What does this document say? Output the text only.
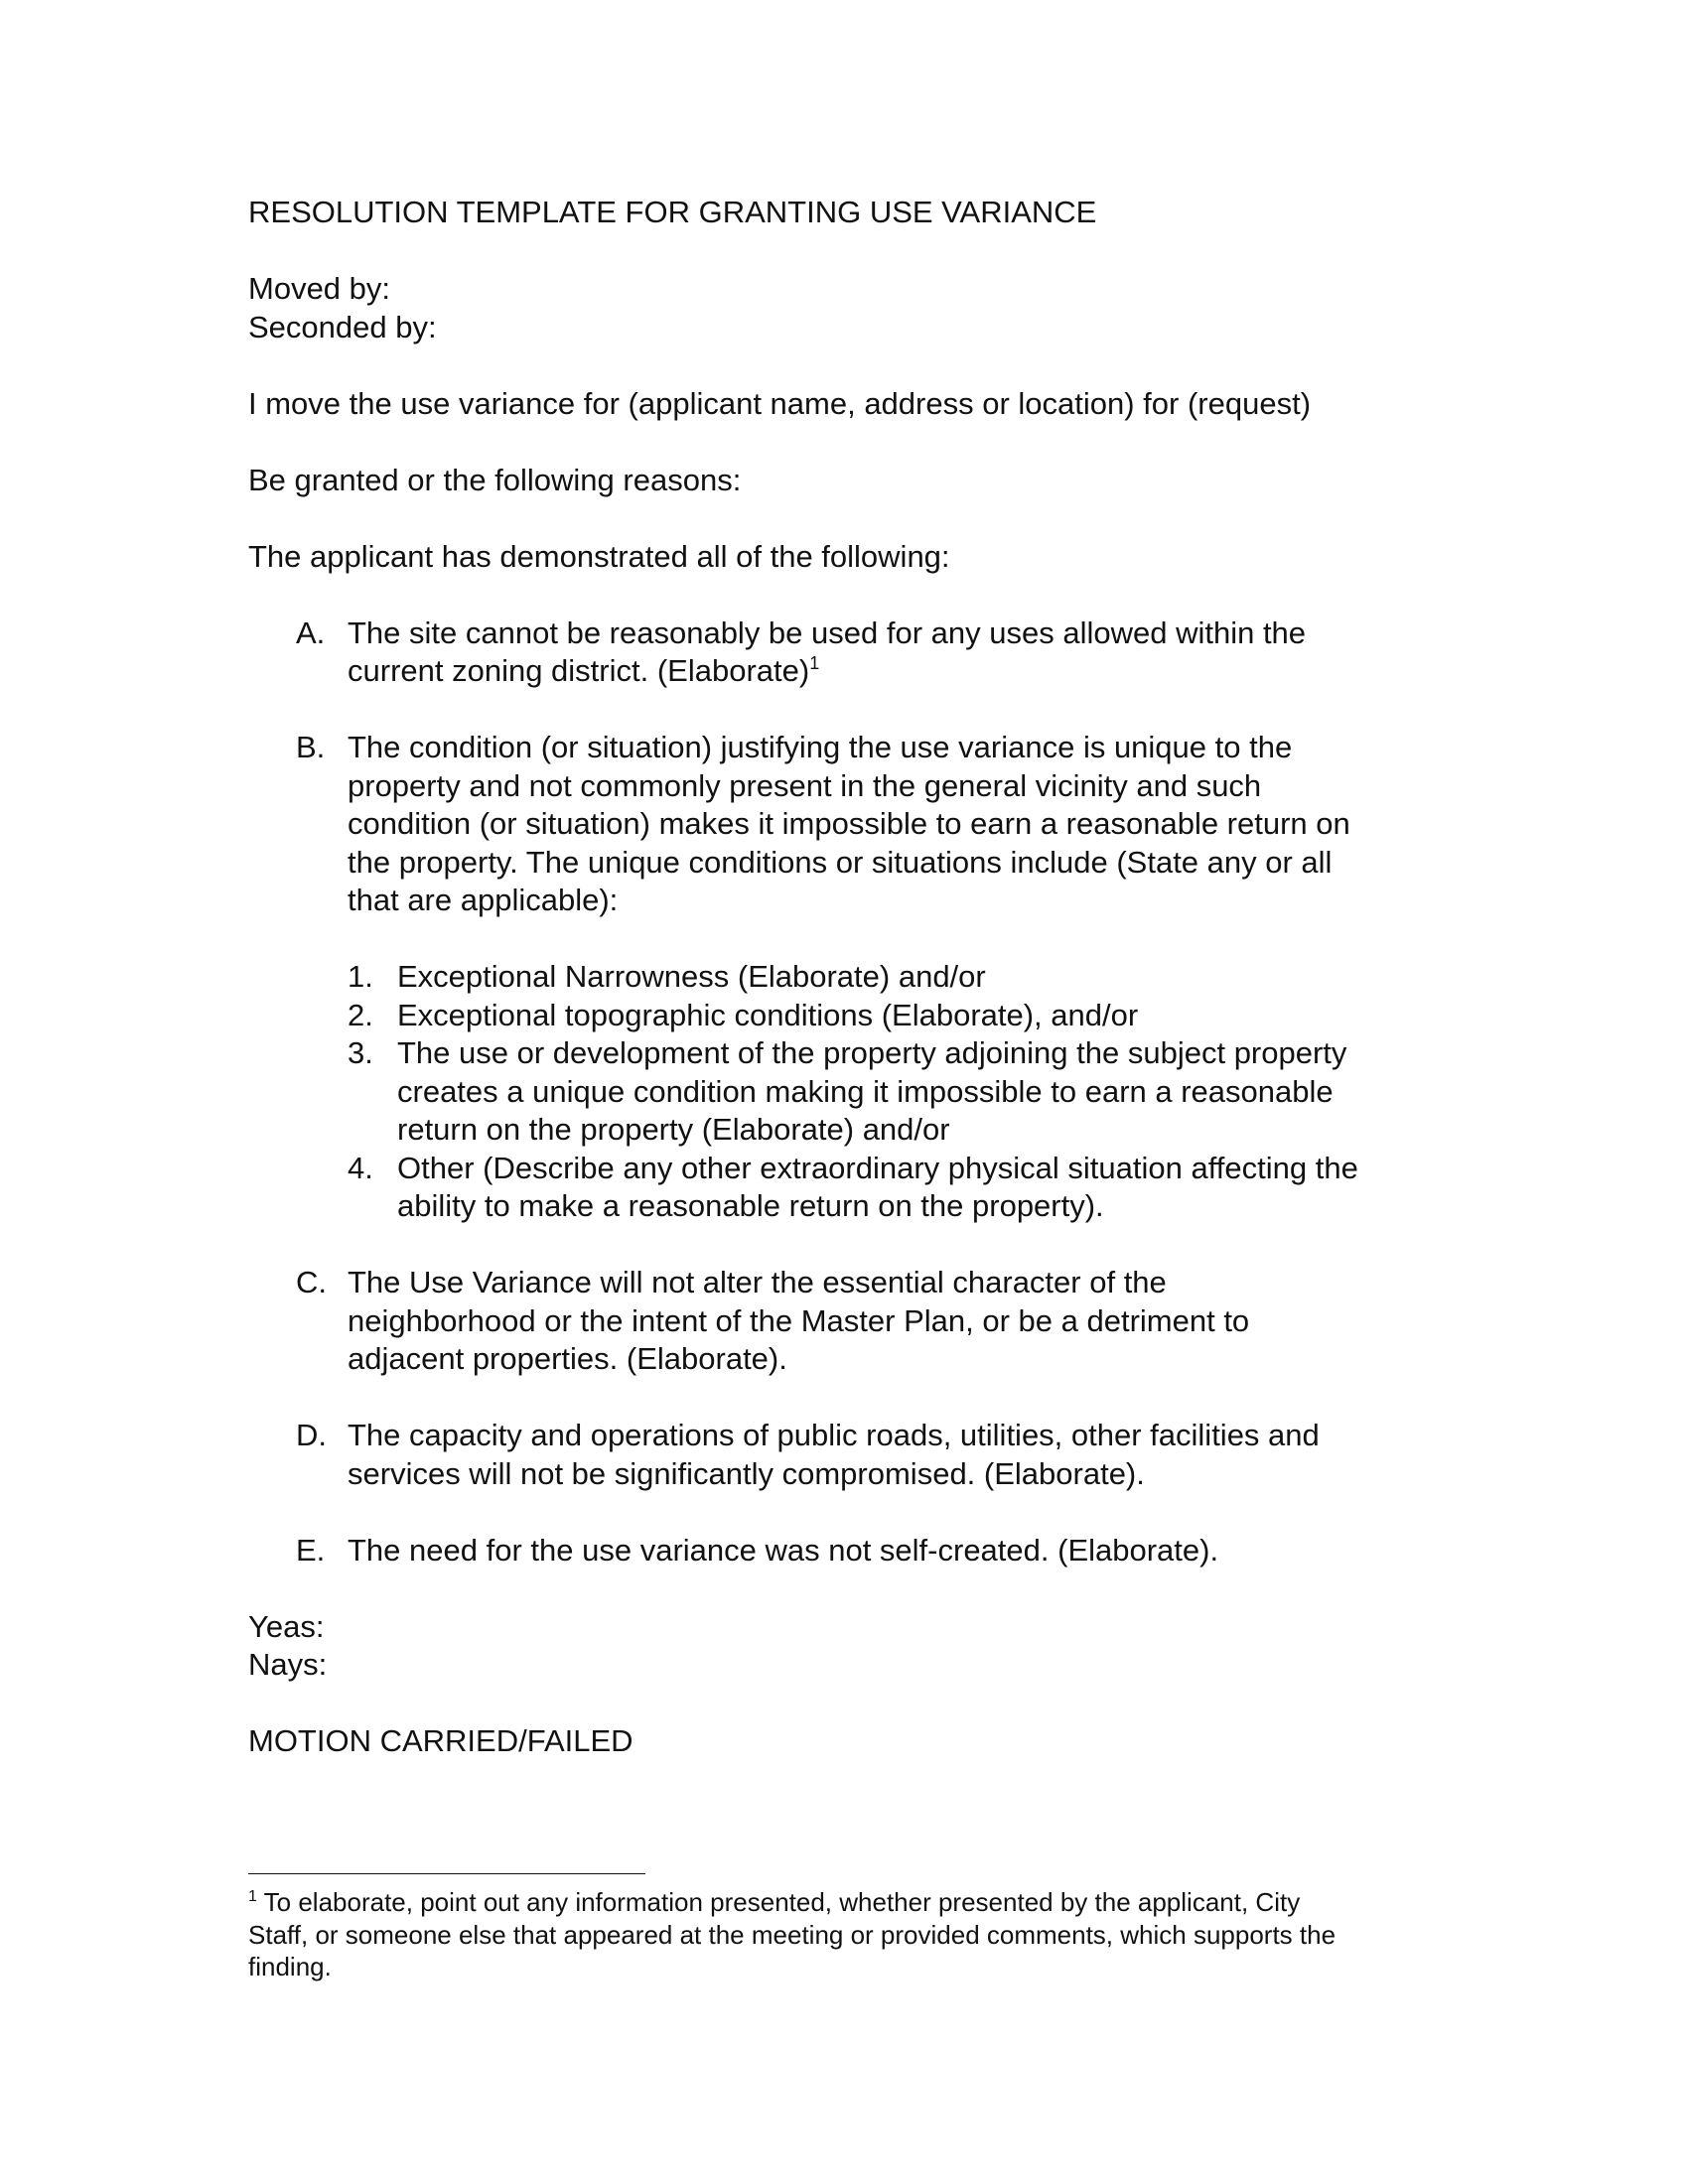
RESOLUTION TEMPLATE FOR GRANTING USE VARIANCE
Moved by:
Seconded by:
I move the use variance for (applicant name, address or location) for (request)
Be granted or the following reasons:
The applicant has demonstrated all of the following:
A. The site cannot be reasonably be used for any uses allowed within the
current zoning district. (Elaborate)$^1$
B. The condition (or situation) justifying the use variance is unique to the
property and not commonly present in the general vicinity and such
condition (or situation) makes it impossible to earn a reasonable return on
the property. The unique conditions or situations include (State any or all
that are applicable):
1. Exceptional Narrowness (Elaborate) and/or
2. Exceptional topographic conditions (Elaborate), and/or
3. The use or development of the property adjoining the subject property
creates a unique condition making it impossible to earn a reasonable
return on the property (Elaborate) and/or
4. Other (Describe any other extraordinary physical situation affecting the
ability to make a reasonable return on the property).
C. The Use Variance will not alter the essential character of the
neighborhood or the intent of the Master Plan, or be a detriment to
adjacent properties. (Elaborate).
D. The capacity and operations of public roads, utilities, other facilities and
services will not be significantly compromised. (Elaborate).
E. The need for the use variance was not self-created. (Elaborate).
Yeas:
Nays:
MOTION CARRIED/FAILED
$^1$ To elaborate, point out any information presented, whether presented by the applicant, City
Staff, or someone else that appeared at the meeting or provided comments, which supports the
finding.
